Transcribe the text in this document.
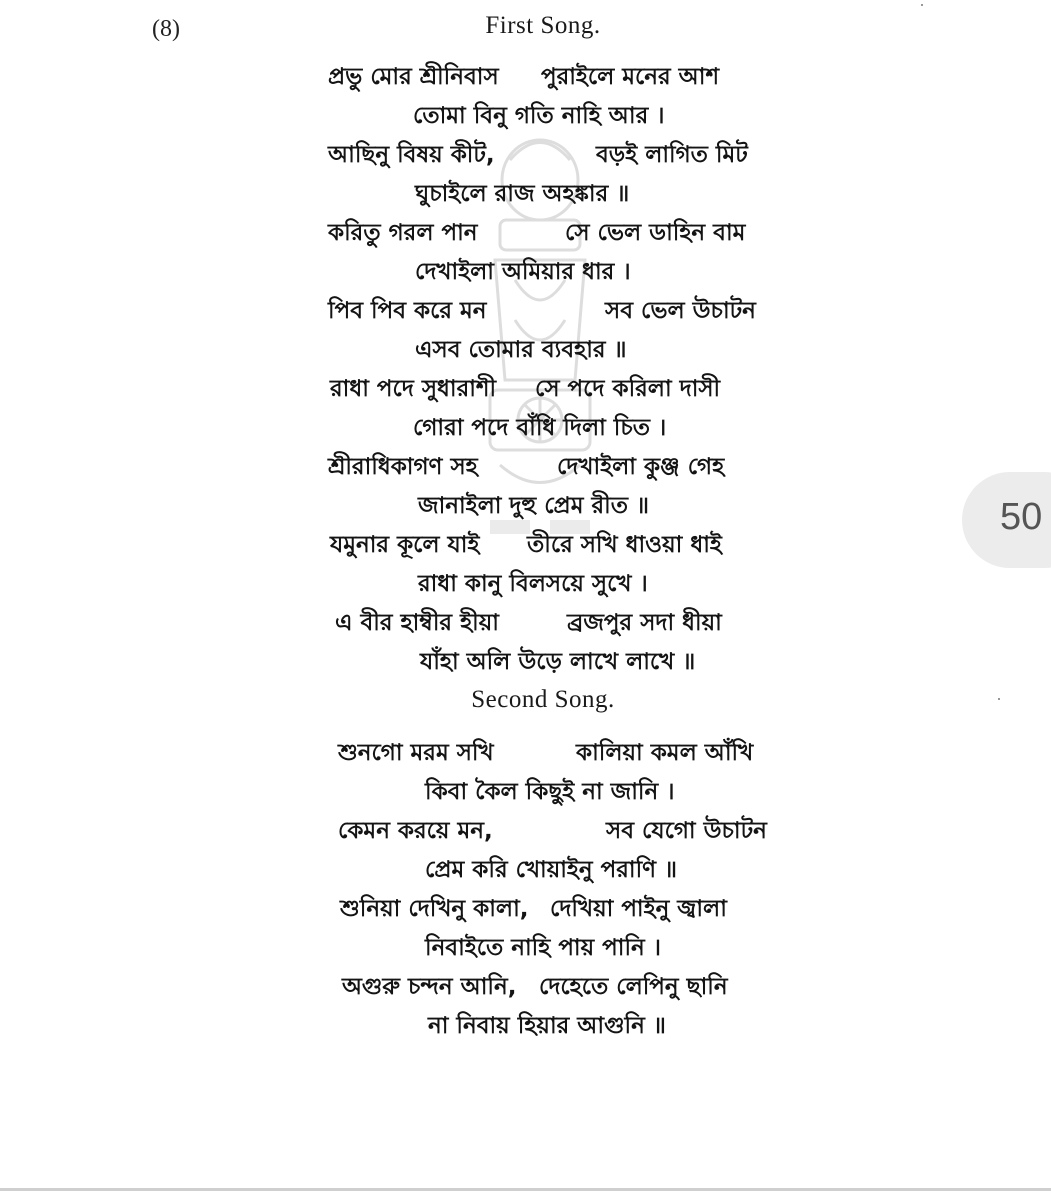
(8)	First Song.
প্রভু মোর শ্রীনিবাস পুরাইলে মনের আশ
তোমা বিনু গতি নাহি আর ।
আছিনু বিষয় কীট,	বড়ই লাগিত মিট
ঘুচাইলে রাজ অহঙ্কার ॥
করিতু গরল পান	সে ভেল ডাহিন বাম
দেখাইলা অমিয়ার ধার ।
পিব পিব করে মন	সব ভেল উচাটন
এসব তোমার ব্যবহার ॥
রাধা পদে সুধারাশী সে পদে করিলা দাসী
গোরা পদে বাঁধি দিলা চিত ।
শ্রীরাধিকাগণ সহ	দেখাইলা কুঞ্জ গেহ
জানাইলা দুহু প্রেম রীত ॥
যমুনার কূলে যাই তীরে সখি ধাওয়া ধাই
রাধা কানু বিলসয়ে সুখে ।
এ বীর হাম্বীর হীয়া	ব্রজপুর সদা ধীয়া
যাঁহা অলি উড়ে লাখে লাখে ॥
Second Song.
শুনগো মরম সখি	কালিয়া কমল আঁখি
কিবা কৈল কিছুই না জানি ।
কেমন করয়ে মন,	সব যেগো উচাটন
প্রেম করি খোয়াইনু পরাণি ॥
শুনিয়া দেখিনু কালা, দেখিয়া পাইনু জ্বালা
নিবাইতে নাহি পায় পানি ।
অগুরু চন্দন আনি, দেহেতে লেপিনু ছানি
না নিবায় হিয়ার আগুনি ॥
50
